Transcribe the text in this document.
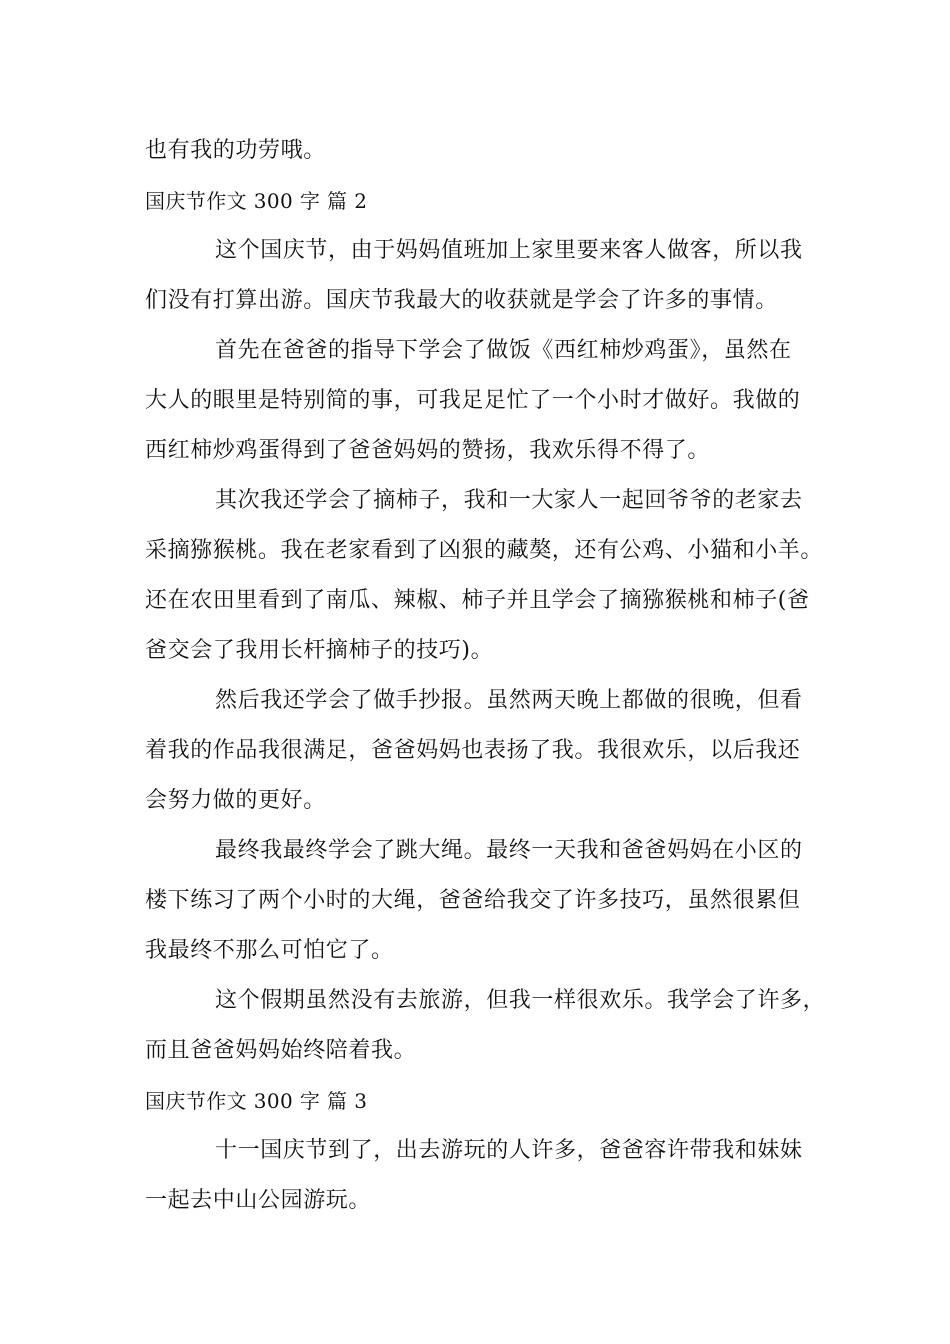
也有我的功劳哦。
国庆节作文 300 字 篇 2
这个国庆节，由于妈妈值班加上家里要来客人做客，所以我
们没有打算出游。国庆节我最大的收获就是学会了许多的事情。
首先在爸爸的指导下学会了做饭《西红柿炒鸡蛋》，虽然在
大人的眼里是特别简的事，可我足足忙了一个小时才做好。我做的
西红柿炒鸡蛋得到了爸爸妈妈的赞扬，我欢乐得不得了。
其次我还学会了摘柿子，我和一大家人一起回爷爷的老家去
采摘猕猴桃。我在老家看到了凶狠的藏獒，还有公鸡、小猫和小羊。
还在农田里看到了南瓜、辣椒、柿子并且学会了摘猕猴桃和柿子(爸
爸交会了我用长杆摘柿子的技巧)。
然后我还学会了做手抄报。虽然两天晚上都做的很晚，但看
着我的作品我很满足，爸爸妈妈也表扬了我。我很欢乐，以后我还
会努力做的更好。
最终我最终学会了跳大绳。最终一天我和爸爸妈妈在小区的
楼下练习了两个小时的大绳，爸爸给我交了许多技巧，虽然很累但
我最终不那么可怕它了。
这个假期虽然没有去旅游，但我一样很欢乐。我学会了许多，
而且爸爸妈妈始终陪着我。
国庆节作文 300 字 篇 3
十一国庆节到了，出去游玩的人许多，爸爸容许带我和妹妹
一起去中山公园游玩。
